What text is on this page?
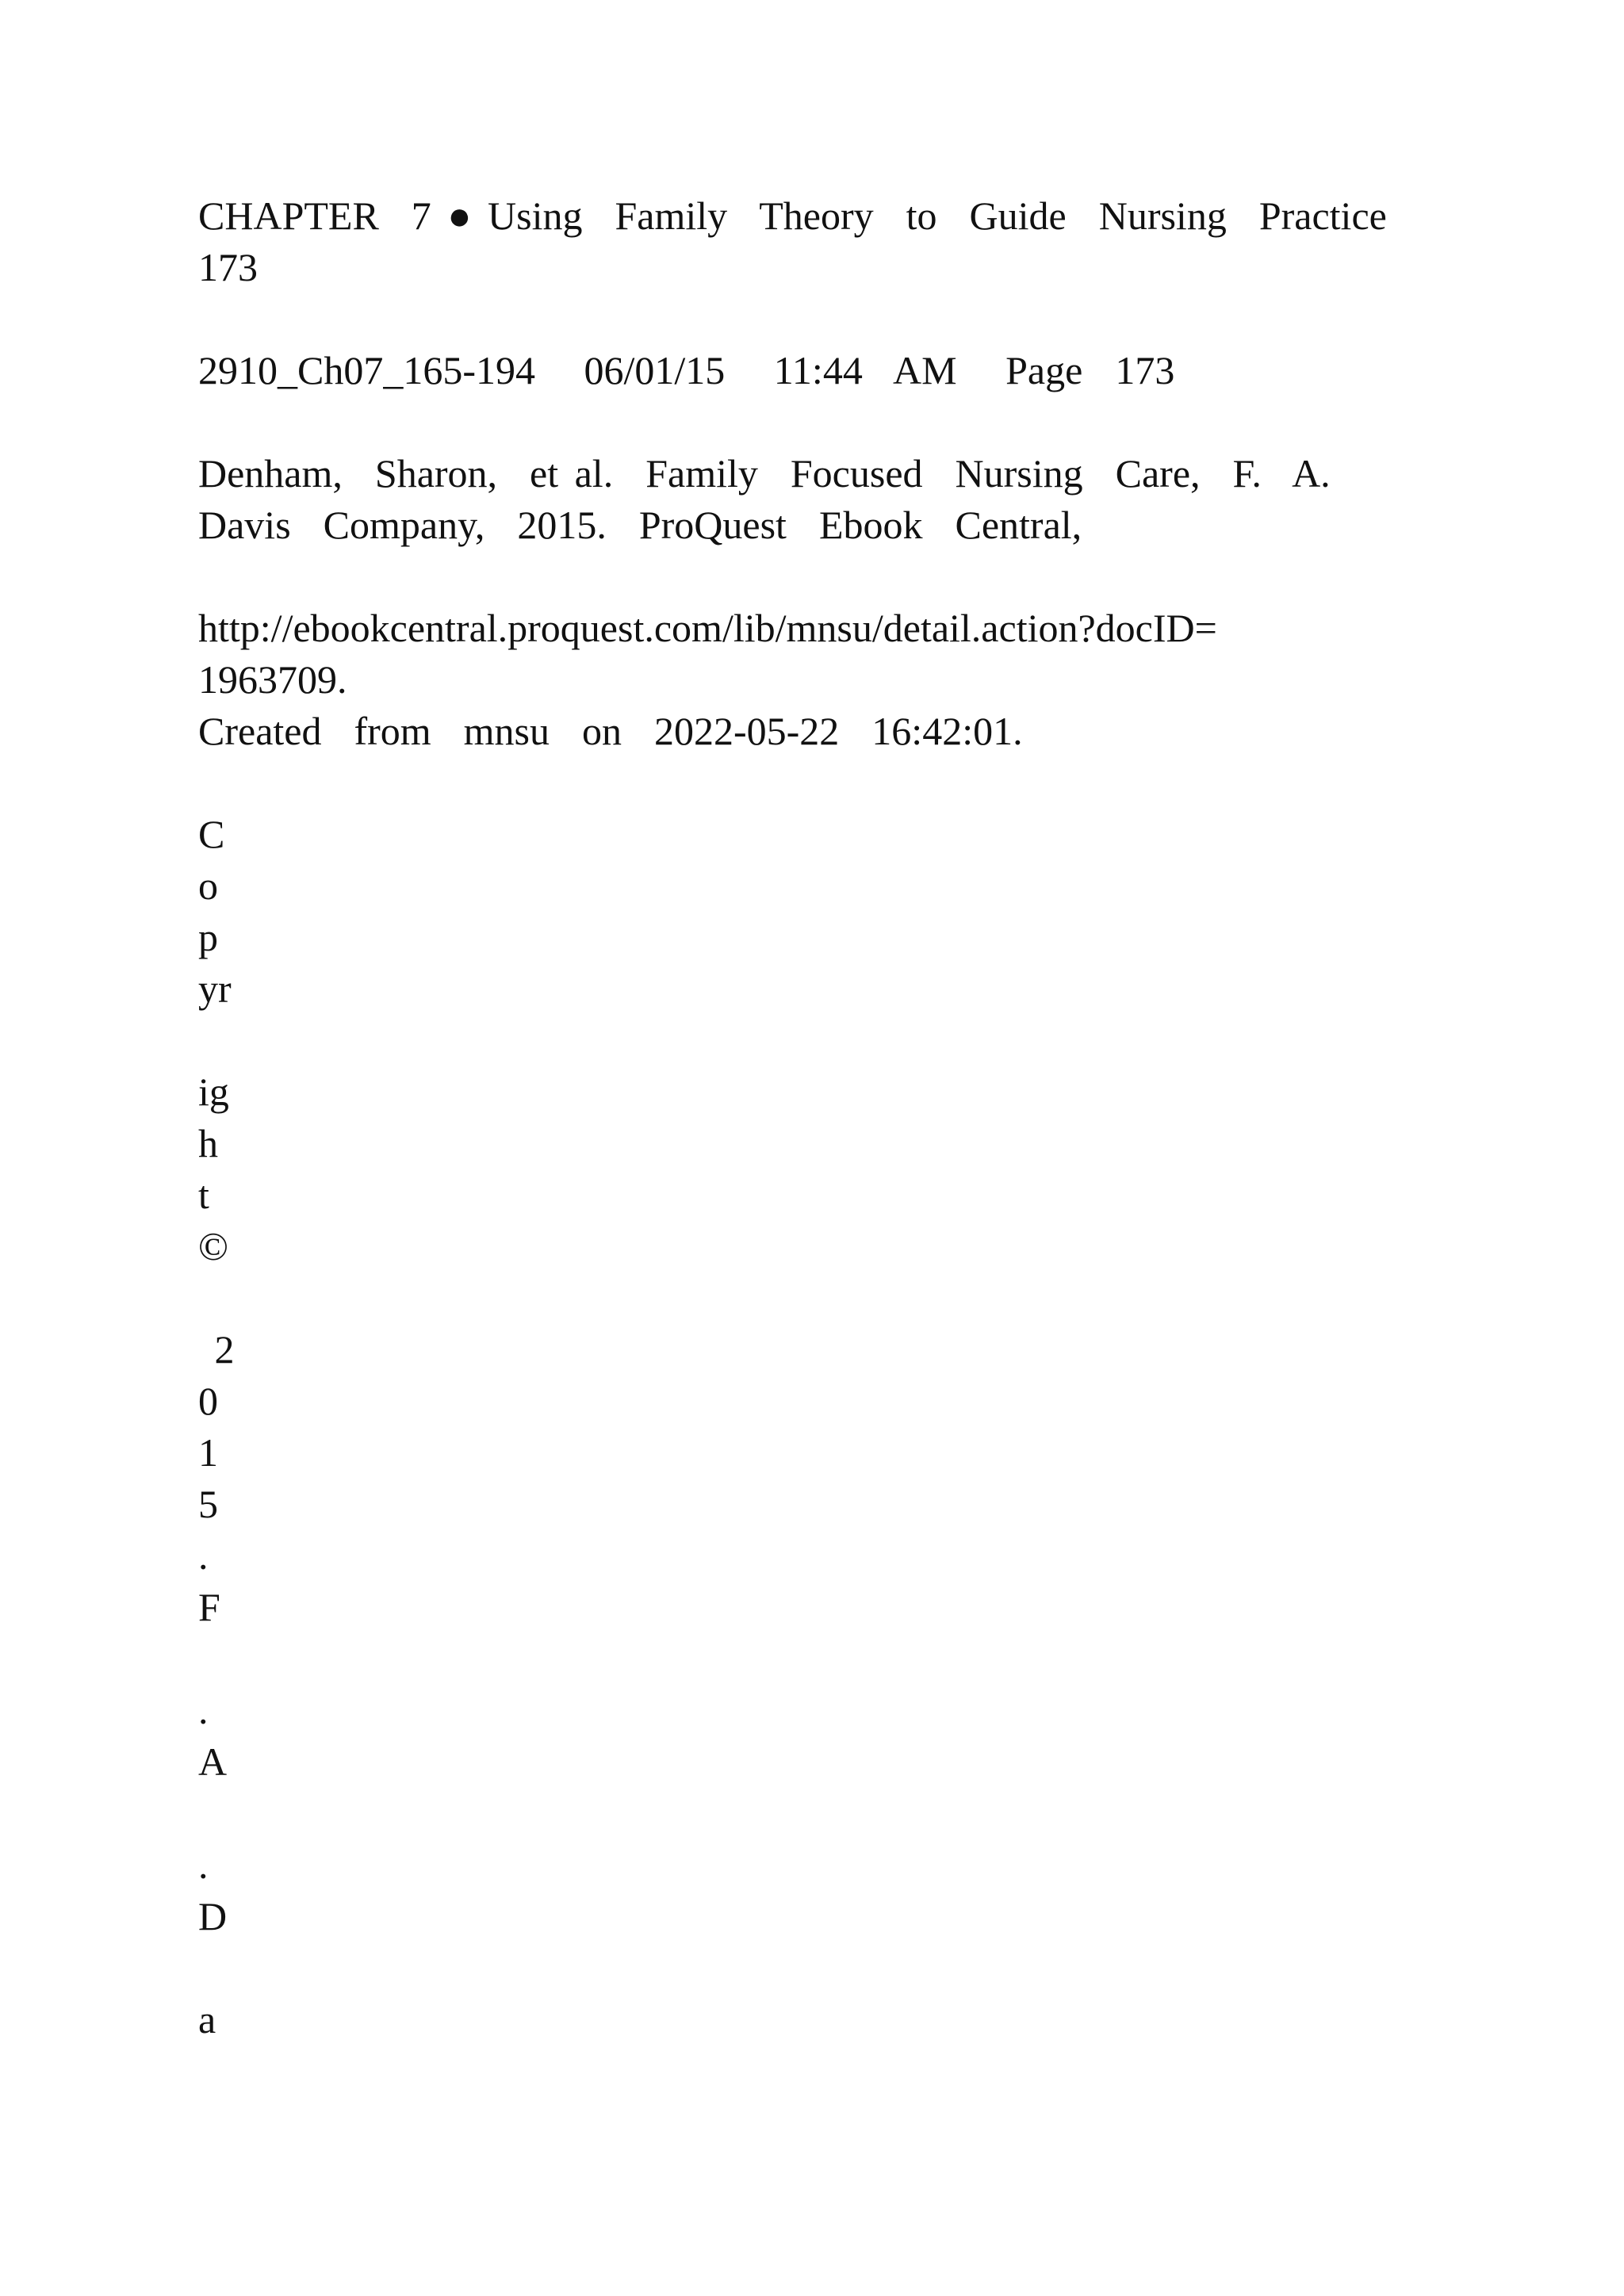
CHAPTER  7 ● Using  Family  Theory  to  Guide  Nursing  Practice
173
2910_Ch07_165-194   06/01/15   11:44  AM   Page  173
Denham,  Sharon,  et al.  Family  Focused  Nursing  Care,  F.  A.
Davis  Company,  2015.  ProQuest  Ebook  Central,
http://ebookcentral.proquest.com/lib/mnsu/detail.action?docID=
1963709.
Created  from  mnsu  on  2022-05-22  16:42:01.
C
o
p
yr
ig
h
t
©
2
0
1
5
.
F
.
A
.
D
a
